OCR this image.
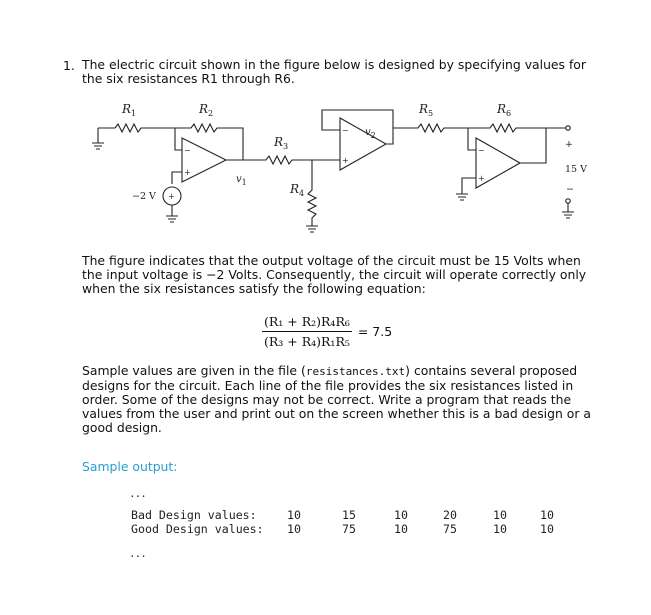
1. The electric circuit shown in the figure below is designed by specifying values for the six resistances R1 through R6.
$R_1$	$R_2$
$R_3$
$R_4$
$R_5$	$R_6$
$v_1$
$v_2$
−2 V
15 V
+
−
+
−
+
−
+
−
+
The figure indicates that the output voltage of the circuit must be 15 Volts when the input voltage is −2 Volts. Consequently, the circuit will operate correctly only when the six resistances satisfy the following equation:
$\frac{\text{(R₁ + R₂)R₄R₆}}{\text{(R₃ + R₄)R₁R₅}} = 7.5$
Sample values are given in the file (resistances.txt) contains several proposed designs for the circuit. Each line of the file provides the six resistances listed in order. Some of the designs may not be correct. Write a program that reads the values from the user and print out on the screen whether this is a bad design or a good design.
Sample output:
...
Bad Design values:	10	15	10	20	10	10
Good Design values:	10	75	10	75	10	10
...
